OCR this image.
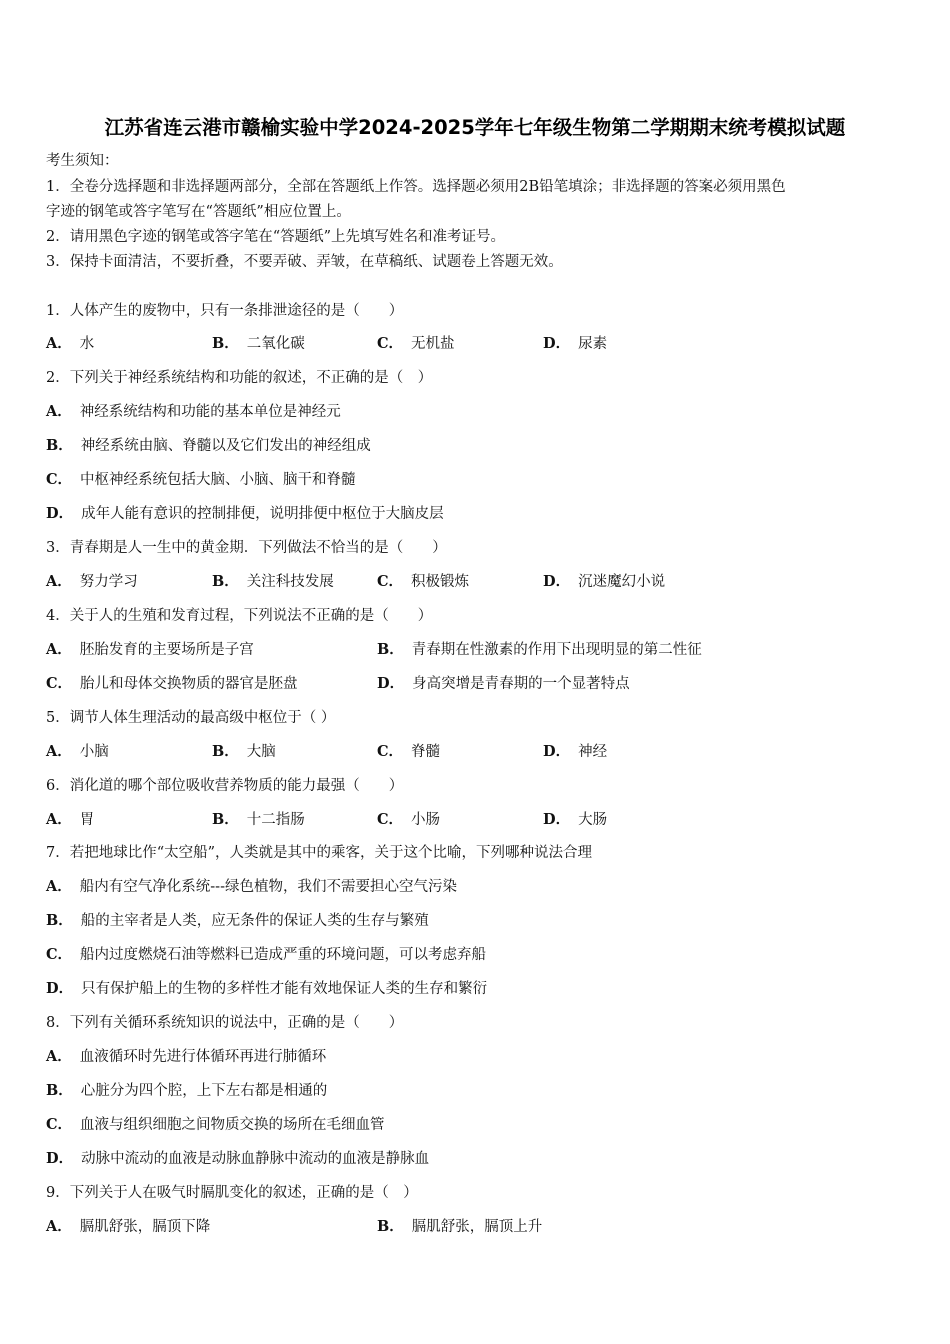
江苏省连云港市赣榆实验中学2024-2025学年七年级生物第二学期期末统考模拟试题
考生须知：
1．全卷分选择题和非选择题两部分，全部在答题纸上作答。选择题必须用2B铅笔填涂；非选择题的答案必须用黑色
字迹的钢笔或答字笔写在“答题纸”相应位置上。
2．请用黑色字迹的钢笔或答字笔在“答题纸”上先填写姓名和准考证号。
3．保持卡面清洁，不要折叠，不要弄破、弄皱，在草稿纸、试题卷上答题无效。
1．人体产生的废物中，只有一条排泄途径的是（　　）
A． 水	B． 二氧化碳	C． 无机盐	D． 尿素
2．下列关于神经系统结构和功能的叙述，不正确的是（　）
A． 神经系统结构和功能的基本单位是神经元
B． 神经系统由脑、脊髓以及它们发出的神经组成
C． 中枢神经系统包括大脑、小脑、脑干和脊髓
D． 成年人能有意识的控制排便，说明排便中枢位于大脑皮层
3．青春期是人一生中的黄金期．下列做法不恰当的是（　　）
A． 努力学习	B． 关注科技发展	C． 积极锻炼	D． 沉迷魔幻小说
4．关于人的生殖和发育过程，下列说法不正确的是（　　）
A． 胚胎发育的主要场所是子宫	B． 青春期在性激素的作用下出现明显的第二性征
C． 胎儿和母体交换物质的器官是胚盘	D． 身高突增是青春期的一个显著特点
5．调节人体生理活动的最高级中枢位于（ ）
A． 小脑	B． 大脑	C． 脊髓	D． 神经
6．消化道的哪个部位吸收营养物质的能力最强（　　）
A． 胃	B． 十二指肠	C． 小肠	D． 大肠
7．若把地球比作“太空船”，人类就是其中的乘客，关于这个比喻，下列哪种说法合理
A． 船内有空气净化系统---绿色植物，我们不需要担心空气污染
B． 船的主宰者是人类，应无条件的保证人类的生存与繁殖
C． 船内过度燃烧石油等燃料已造成严重的环境问题，可以考虑弃船
D． 只有保护船上的生物的多样性才能有效地保证人类的生存和繁衍
8．下列有关循环系统知识的说法中，正确的是（　　）
A． 血液循环时先进行体循环再进行肺循环
B． 心脏分为四个腔，上下左右都是相通的
C． 血液与组织细胞之间物质交换的场所在毛细血管
D． 动脉中流动的血液是动脉血静脉中流动的血液是静脉血
9．下列关于人在吸气时膈肌变化的叙述，正确的是（　）
A． 膈肌舒张，膈顶下降	B． 膈肌舒张，膈顶上升
